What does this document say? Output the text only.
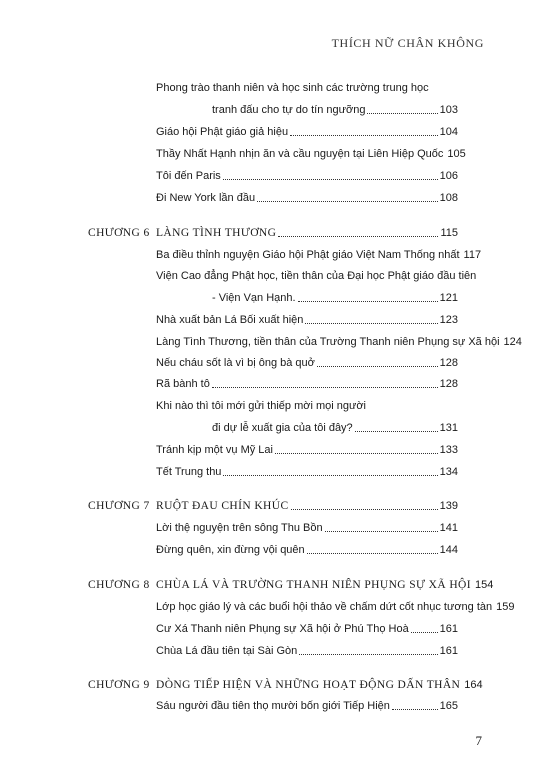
THÍCH NỮ CHÂN KHÔNG
Phong trào thanh niên và học sinh các trường trung học
tranh đấu cho tự do tín ngưỡng	103
Giáo hội Phật giáo giả hiệu	104
Thầy Nhất Hạnh nhịn ăn và cầu nguyện tại Liên Hiệp Quốc 105
Tôi đến Paris	106
Đi New York lần đầu	108
CHƯƠNG 6 LÀNG TÌNH THƯƠNG	115
Ba điều thỉnh nguyện Giáo hội Phật giáo Việt Nam Thống nhất 117
Viện Cao đẳng Phật học, tiền thân của Đại học Phật giáo đầu tiên
- Viện Vạn Hạnh.	121
Nhà xuất bản Lá Bối xuất hiện	123
Làng Tình Thương, tiền thân của Trường Thanh niên Phụng sự Xã hội 124
Nếu cháu sốt là vì bị ông bà quở	128
Rã bành tô	128
Khi nào thì tôi mới gửi thiếp mời mọi người
đi dự lễ xuất gia của tôi đây?	131
Tránh kịp một vụ Mỹ Lai	133
Tết Trung thu	134
CHƯƠNG 7 RUỘT ĐAU CHÍN KHÚC	139
Lời thệ nguyện trên sông Thu Bồn	141
Đừng quên, xin đừng vội quên	144
CHƯƠNG 8 CHÙA LÁ VÀ TRƯỜNG THANH NIÊN PHỤNG SỰ XÃ HỘI 154
Lớp học giáo lý và các buổi hội thảo về chấm dứt cốt nhục tương tàn 159
Cư Xá Thanh niên Phụng sự Xã hội ở Phú Thọ Hoà	161
Chùa Lá đầu tiên tại Sài Gòn	161
CHƯƠNG 9 DÒNG TIẾP HIỆN VÀ NHỮNG HOẠT ĐỘNG DẤN THÂN 164
Sáu người đầu tiên thọ mười bốn giới Tiếp Hiện	165
7
